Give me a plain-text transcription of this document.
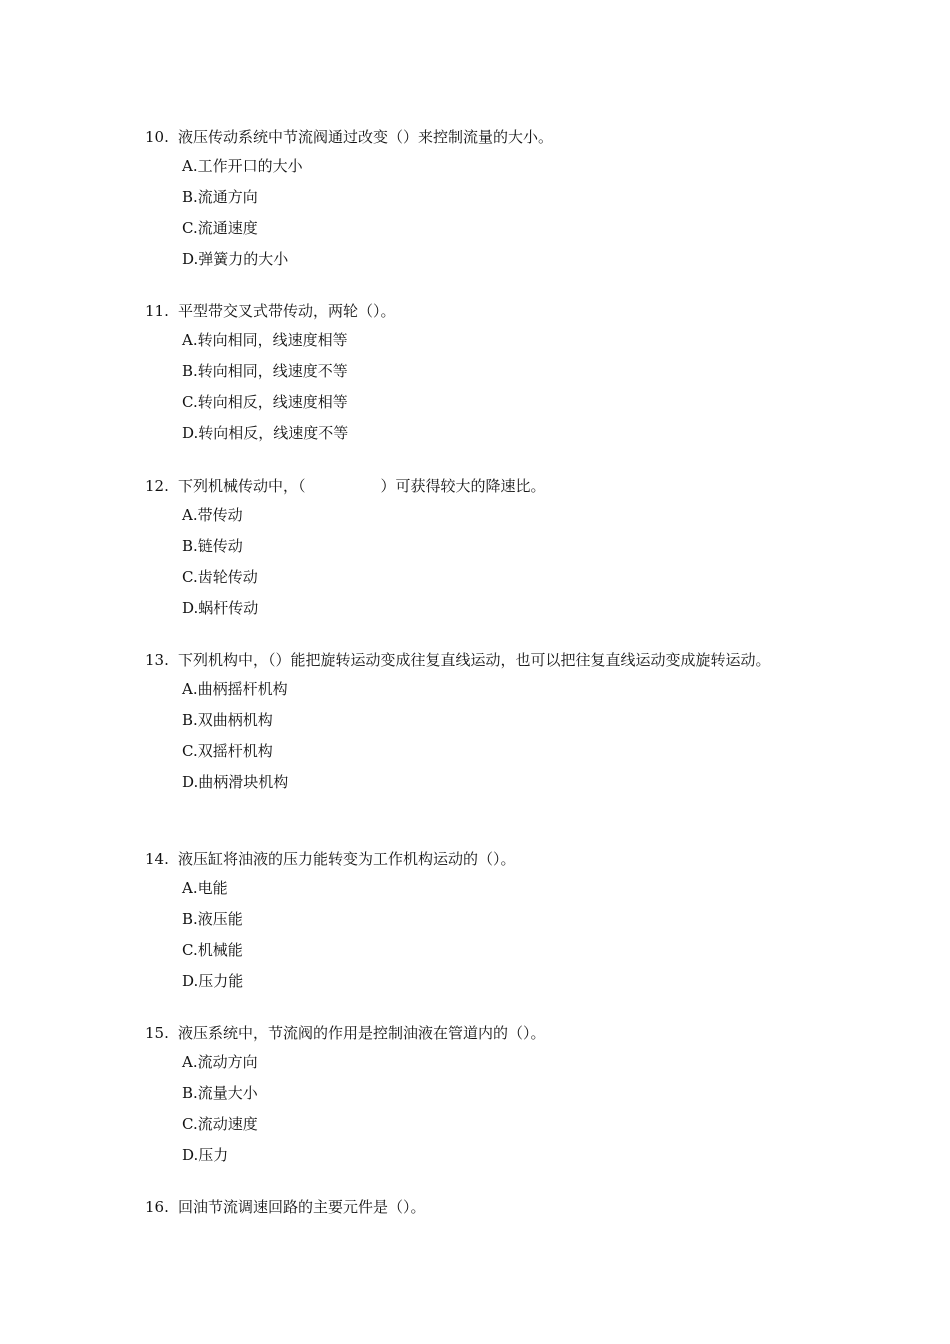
10. 液压传动系统中节流阀通过改变（）来控制流量的大小。
A.工作开口的大小
B.流通方向
C.流通速度
D.弹簧力的大小
11. 平型带交叉式带传动，两轮（）。
A.转向相同，线速度相等
B.转向相同，线速度不等
C.转向相反，线速度相等
D.转向相反，线速度不等
12. 下列机械传动中，（　　　　　）可获得较大的降速比。
A.带传动
B.链传动
C.齿轮传动
D.蜗杆传动
13. 下列机构中，（）能把旋转运动变成往复直线运动，也可以把往复直线运动变成旋转运动。
A.曲柄摇杆机构
B.双曲柄机构
C.双摇杆机构
D.曲柄滑块机构
14. 液压缸将油液的压力能转变为工作机构运动的（）。
A.电能
B.液压能
C.机械能
D.压力能
15. 液压系统中，节流阀的作用是控制油液在管道内的（）。
A.流动方向
B.流量大小
C.流动速度
D.压力
16. 回油节流调速回路的主要元件是（）。
